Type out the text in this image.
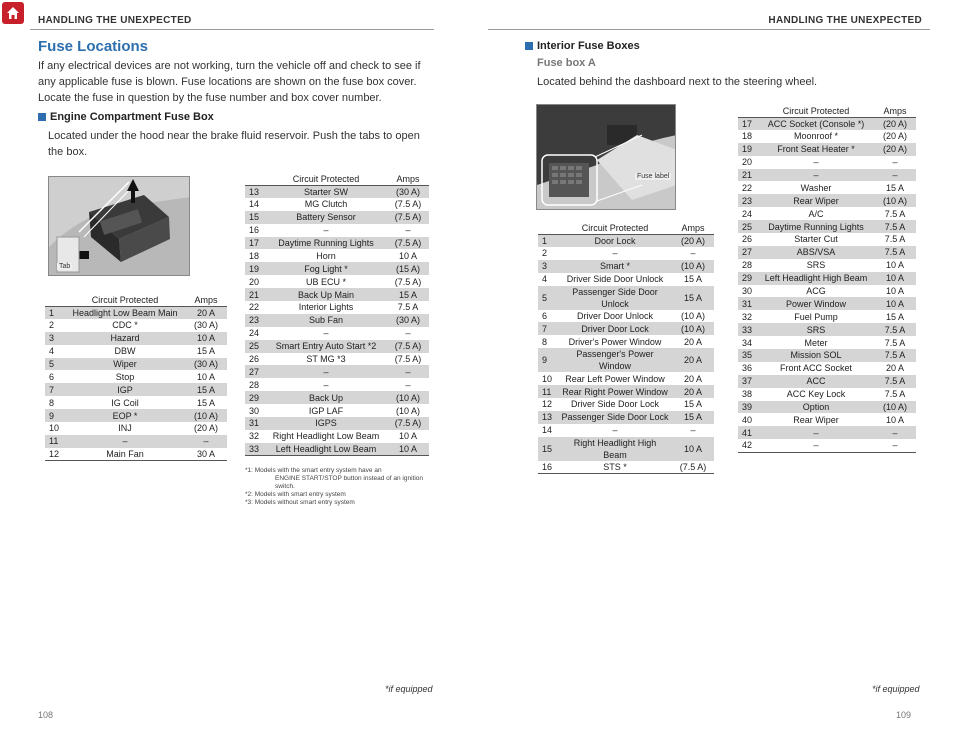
HANDLING THE UNEXPECTED
Fuse Locations
If any electrical devices are not working, turn the vehicle off and check to see if any applicable fuse is blown. Fuse locations are shown on the fuse box cover. Locate the fuse in question by the fuse number and box cover number.
Engine Compartment Fuse Box
Located under the hood near the brake fluid reservoir. Push the tabs to open the box.
Tab
	Circuit Protected	Amps
1	Headlight Low Beam Main	20 A
2	CDC *	(30 A)
3	Hazard	10 A
4	DBW	15 A
5	Wiper	(30 A)
6	Stop	10 A
7	IGP	15 A
8	IG Coil	15 A
9	EOP *	(10 A)
10	INJ	(20 A)
11	–	–
12	Main Fan	30 A
	Circuit Protected	Amps
13	Starter SW	(30 A)
14	MG Clutch	(7.5 A)
15	Battery Sensor	(7.5 A)
16	–	–
17	Daytime Running Lights	(7.5 A)
18	Horn	10 A
19	Fog Light *	(15 A)
20	UB ECU *	(7.5 A)
21	Back Up Main	15 A
22	Interior Lights	7.5 A
23	Sub Fan	(30 A)
24	–	–
25	Smart Entry Auto Start *2	(7.5 A)
26	ST MG *3	(7.5 A)
27	–	–
28	–	–
29	Back Up	(10 A)
30	IGP LAF	(10 A)
31	IGPS	(7.5 A)
32	Right Headlight Low Beam	10 A
33	Left Headlight Low Beam	10 A
*1: Models with the smart entry system have an
ENGINE START/STOP button instead of an ignition
switch.
*2: Models with smart entry system
*3: Models without smart entry system
*if equipped
108
HANDLING THE UNEXPECTED
Interior Fuse Boxes
Fuse box A
Located behind the dashboard next to the steering wheel.
Fuse label
	Circuit Protected	Amps
1	Door Lock	(20 A)
2	–	–
3	Smart *	(10 A)
4	Driver Side Door Unlock	15 A
5	Passenger Side Door Unlock	15 A
6	Driver Door Unlock	(10 A)
7	Driver Door Lock	(10 A)
8	Driver's Power Window	20 A
9	Passenger's Power Window	20 A
10	Rear Left Power Window	20 A
11	Rear Right Power Window	20 A
12	Driver Side Door Lock	15 A
13	Passenger Side Door Lock	15 A
14	–	–
15	Right Headlight High Beam	10 A
16	STS *	(7.5 A)
	Circuit Protected	Amps
17	ACC Socket (Console *)	(20 A)
18	Moonroof *	(20 A)
19	Front Seat Heater *	(20 A)
20	–	–
21	–	–
22	Washer	15 A
23	Rear Wiper	(10 A)
24	A/C	7.5 A
25	Daytime Running Lights	7.5 A
26	Starter Cut	7.5 A
27	ABS/VSA	7.5 A
28	SRS	10 A
29	Left Headlight High Beam	10 A
30	ACG	10 A
31	Power Window	10 A
32	Fuel Pump	15 A
33	SRS	7.5 A
34	Meter	7.5 A
35	Mission SOL	7.5 A
36	Front ACC Socket	20 A
37	ACC	7.5 A
38	ACC Key Lock	7.5 A
39	Option	(10 A)
40	Rear Wiper	10 A
41	–	–
42	–	–
*if equipped
109
